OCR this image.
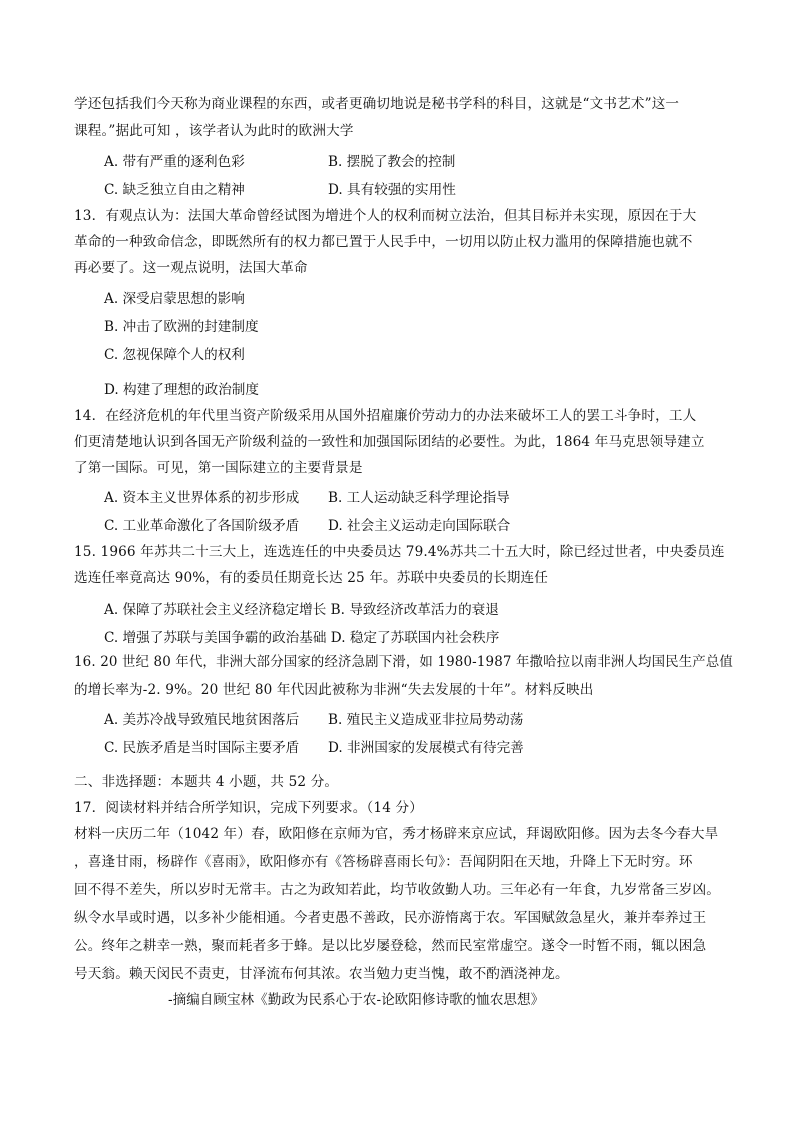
学还包括我们今天称为商业课程的东西，或者更确切地说是秘书学科的科目，这就是“文书艺术”这一
课程。”据此可知 ，该学者认为此时的欧洲大学
A. 带有严重的逐利色彩	B. 摆脱了教会的控制
C. 缺乏独立自由之精神	D. 具有较强的实用性
13．有观点认为：法国大革命曾经试图为增进个人的权利而树立法治，但其目标并未实现，原因在于大
革命的一种致命信念，即既然所有的权力都已置于人民手中，一切用以防止权力滥用的保障措施也就不
再必要了。这一观点说明，法国大革命
A. 深受启蒙思想的影响
B. 冲击了欧洲的封建制度
C. 忽视保障个人的权利
D. 构建了理想的政治制度
14．在经济危机的年代里当资产阶级采用从国外招雇廉价劳动力的办法来破坏工人的罢工斗争时，工人
们更清楚地认识到各国无产阶级利益的一致性和加强国际团结的必要性。为此，1864 年马克思领导建立
了第一国际。可见，第一国际建立的主要背景是
A. 资本主义世界体系的初步形成 B. 工人运动缺乏科学理论指导
C. 工业革命激化了各国阶级矛盾 D. 社会主义运动走向国际联合
15. 1966 年苏共二十三大上，连选连任的中央委员达 79.4%苏共二十五大时，除已经过世者，中央委员连
选连任率竟高达 90%，有的委员任期竟长达 25 年。苏联中央委员的长期连任
A. 保障了苏联社会主义经济稳定增长 B. 导致经济改革活力的衰退
C. 增强了苏联与美国争霸的政治基础 D. 稳定了苏联国内社会秩序
16. 20 世纪 80 年代，非洲大部分国家的经济急剧下滑，如 1980-1987 年撒哈拉以南非洲人均国民生产总值
的增长率为-2. 9%。20 世纪 80 年代因此被称为非洲“失去发展的十年”。材料反映出
A. 美苏冷战导致殖民地贫困落后 B. 殖民主义造成亚非拉局势动荡
C. 民族矛盾是当时国际主要矛盾 D. 非洲国家的发展模式有待完善
二、非选择题：本题共 4 小题，共 52 分。
17．阅读材料并结合所学知识，完成下列要求。（14 分）
材料一庆历二年（1042 年）春，欧阳修在京师为官，秀才杨辟来京应试，拜谒欧阳修。因为去冬今春大旱
，喜逢甘雨，杨辟作《喜雨》，欧阳修亦有《答杨辟喜雨长句》：吾闻阴阳在天地，升降上下无时穷。环
回不得不差失，所以岁时无常丰。古之为政知若此，均节收敛勤人功。三年必有一年食，九岁常备三岁凶。
纵令水旱或时遇，以多补少能相通。今者吏愚不善政，民亦游惰离于农。军国赋敛急星火，兼并奉养过王
公。终年之耕幸一熟，聚而耗者多于蜂。是以比岁屡登稔，然而民室常虚空。遂令一时暂不雨，辄以困急
号天翁。赖天闵民不责吏，甘泽流布何其浓。农当勉力吏当愧，敢不酌酒浇神龙。
-摘编自顾宝林《勤政为民系心于农-论欧阳修诗歌的恤农思想》
